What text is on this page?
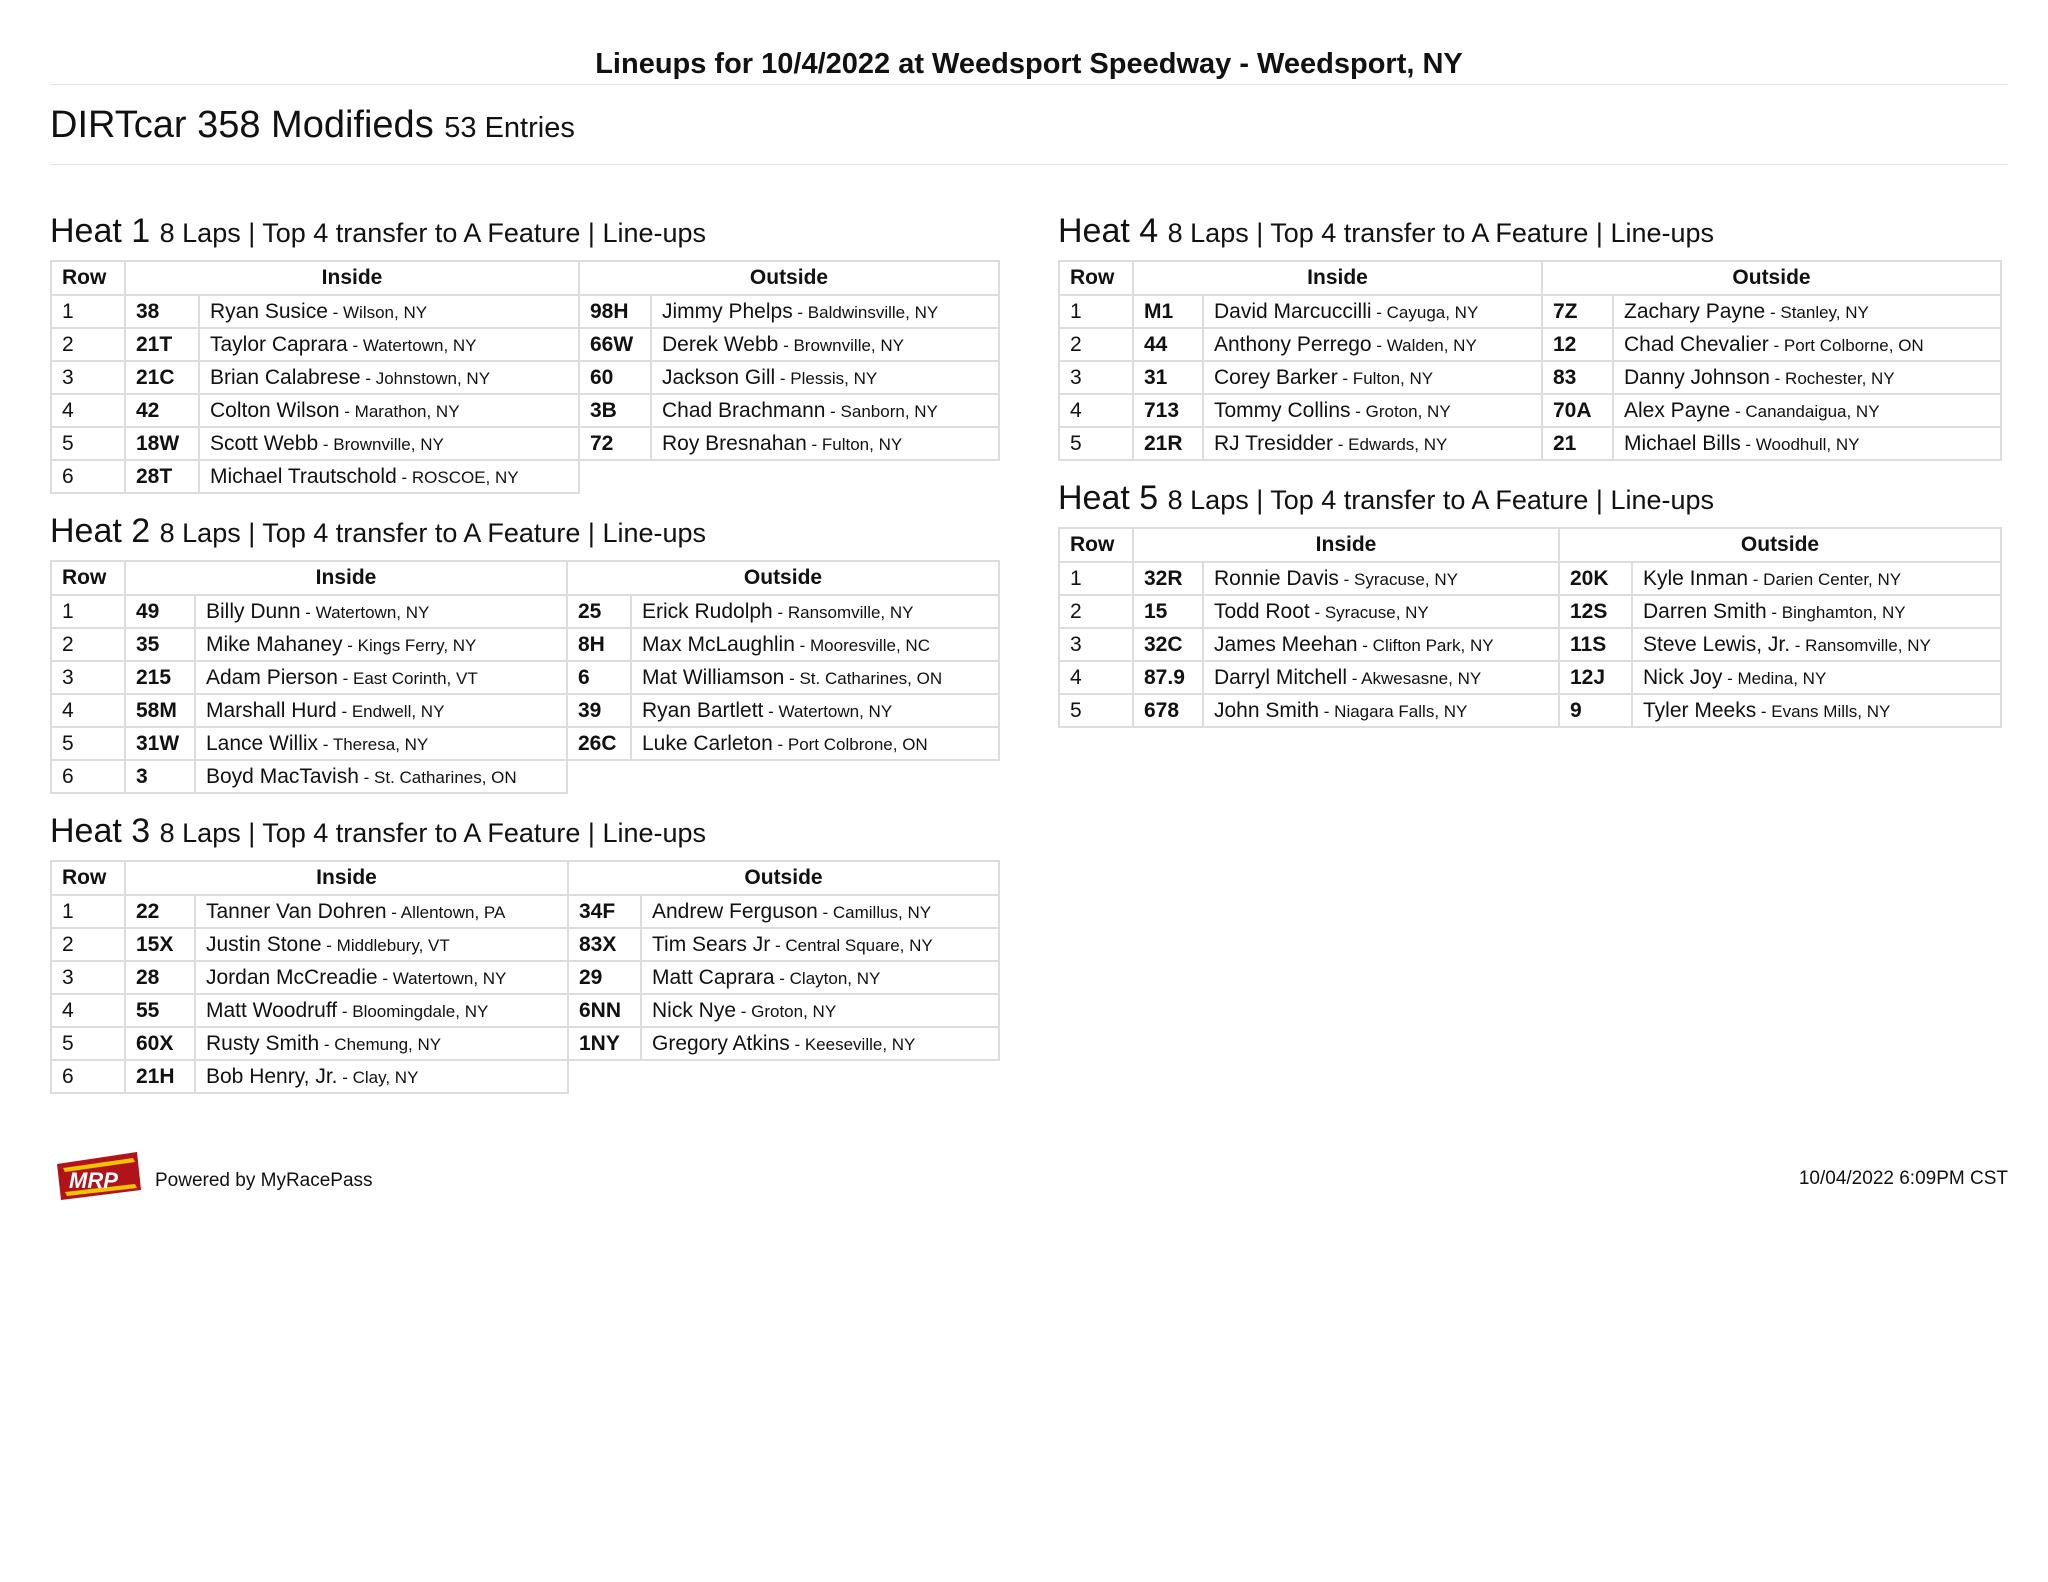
Lineups for 10/4/2022 at Weedsport Speedway - Weedsport, NY
DIRTcar 358 Modifieds 53 Entries
Heat 1 8 Laps | Top 4 transfer to A Feature | Line-ups
Row	Inside		Outside	
1	38	Ryan Susice - Wilson, NY	98H	Jimmy Phelps - Baldwinsville, NY
2	21T	Taylor Caprara - Watertown, NY	66W	Derek Webb - Brownville, NY
3	21C	Brian Calabrese - Johnstown, NY	60	Jackson Gill - Plessis, NY
4	42	Colton Wilson - Marathon, NY	3B	Chad Brachmann - Sanborn, NY
5	18W	Scott Webb - Brownville, NY	72	Roy Bresnahan - Fulton, NY
6	28T	Michael Trautschold - ROSCOE, NY		
Heat 2 8 Laps | Top 4 transfer to A Feature | Line-ups
Row	Inside		Outside	
1	49	Billy Dunn - Watertown, NY	25	Erick Rudolph - Ransomville, NY
2	35	Mike Mahaney - Kings Ferry, NY	8H	Max McLaughlin - Mooresville, NC
3	215	Adam Pierson - East Corinth, VT	6	Mat Williamson - St. Catharines, ON
4	58M	Marshall Hurd - Endwell, NY	39	Ryan Bartlett - Watertown, NY
5	31W	Lance Willix - Theresa, NY	26C	Luke Carleton - Port Colbrone, ON
6	3	Boyd MacTavish - St. Catharines, ON		
Heat 3 8 Laps | Top 4 transfer to A Feature | Line-ups
Row	Inside		Outside	
1	22	Tanner Van Dohren - Allentown, PA	34F	Andrew Ferguson - Camillus, NY
2	15X	Justin Stone - Middlebury, VT	83X	Tim Sears Jr - Central Square, NY
3	28	Jordan McCreadie - Watertown, NY	29	Matt Caprara - Clayton, NY
4	55	Matt Woodruff - Bloomingdale, NY	6NN	Nick Nye - Groton, NY
5	60X	Rusty Smith - Chemung, NY	1NY	Gregory Atkins - Keeseville, NY
6	21H	Bob Henry, Jr. - Clay, NY		
Heat 4 8 Laps | Top 4 transfer to A Feature | Line-ups
Row	Inside		Outside	
1	M1	David Marcuccilli - Cayuga, NY	7Z	Zachary Payne - Stanley, NY
2	44	Anthony Perrego - Walden, NY	12	Chad Chevalier - Port Colborne, ON
3	31	Corey Barker - Fulton, NY	83	Danny Johnson - Rochester, NY
4	713	Tommy Collins - Groton, NY	70A	Alex Payne - Canandaigua, NY
5	21R	RJ Tresidder - Edwards, NY	21	Michael Bills - Woodhull, NY
Heat 5 8 Laps | Top 4 transfer to A Feature | Line-ups
Row	Inside		Outside	
1	32R	Ronnie Davis - Syracuse, NY	20K	Kyle Inman - Darien Center, NY
2	15	Todd Root - Syracuse, NY	12S	Darren Smith - Binghamton, NY
3	32C	James Meehan - Clifton Park, NY	11S	Steve Lewis, Jr. - Ransomville, NY
4	87.9	Darryl Mitchell - Akwesasne, NY	12J	Nick Joy - Medina, NY
5	678	John Smith - Niagara Falls, NY	9	Tyler Meeks - Evans Mills, NY
MRP Powered by MyRacePass	10/04/2022 6:09PM CST
